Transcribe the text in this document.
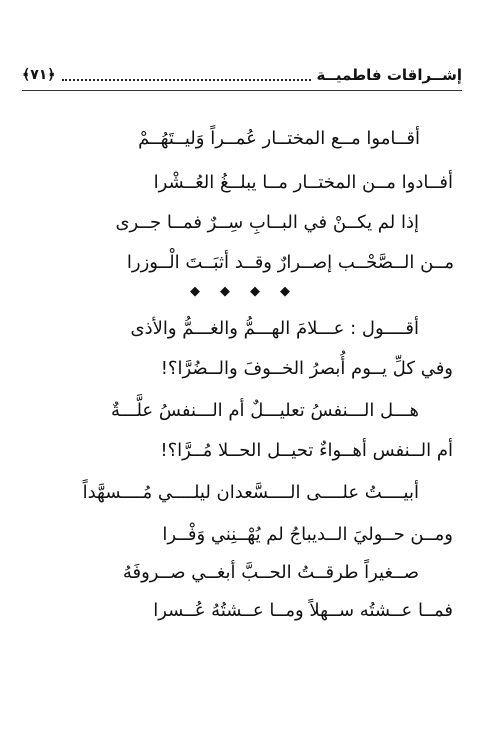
إشــراقات فاطميــة
﴿٧١﴾
أقــاموا مــع المختــار عُمــراً وَليــتَهُــمْ
أفــادوا مــن المختــار مــا يبلــغُ العُــشْرا
إذا لم يكــنْ في البــابِ سِــرٌ فمــا جــرى
مــن الــصَّحْــب إصــرارٌ وقــد أثبَــتَ الْــوزرا
◆ ◆ ◆ ◆
أقــــول : عـــلامَ الهـــمُّ والغـــمُّ والأذى
وفي كلِّ يــوم أُبصرُ الخــوفَ والــضُرَّا؟!
هـــل الـــنفسُ تعليـــلٌ أم الـــنفسُ علَّـــةٌ
أم الــنفس أهــواءٌ تحيــل الحــلا مُــرَّا؟!
أبيــــتُ علــــى الــــسَّعدان ليلــــي مُــــسهَّداً
ومــن حــوليَ الــديباجُ لم يُهْــنِني وَفْــرا
صــغيراً طرقــتُ الحــبَّ أبغــي صــروفَهُ
فمــا عــشتُه ســهلاً ومــا عــشتُهُ عُــسرا
